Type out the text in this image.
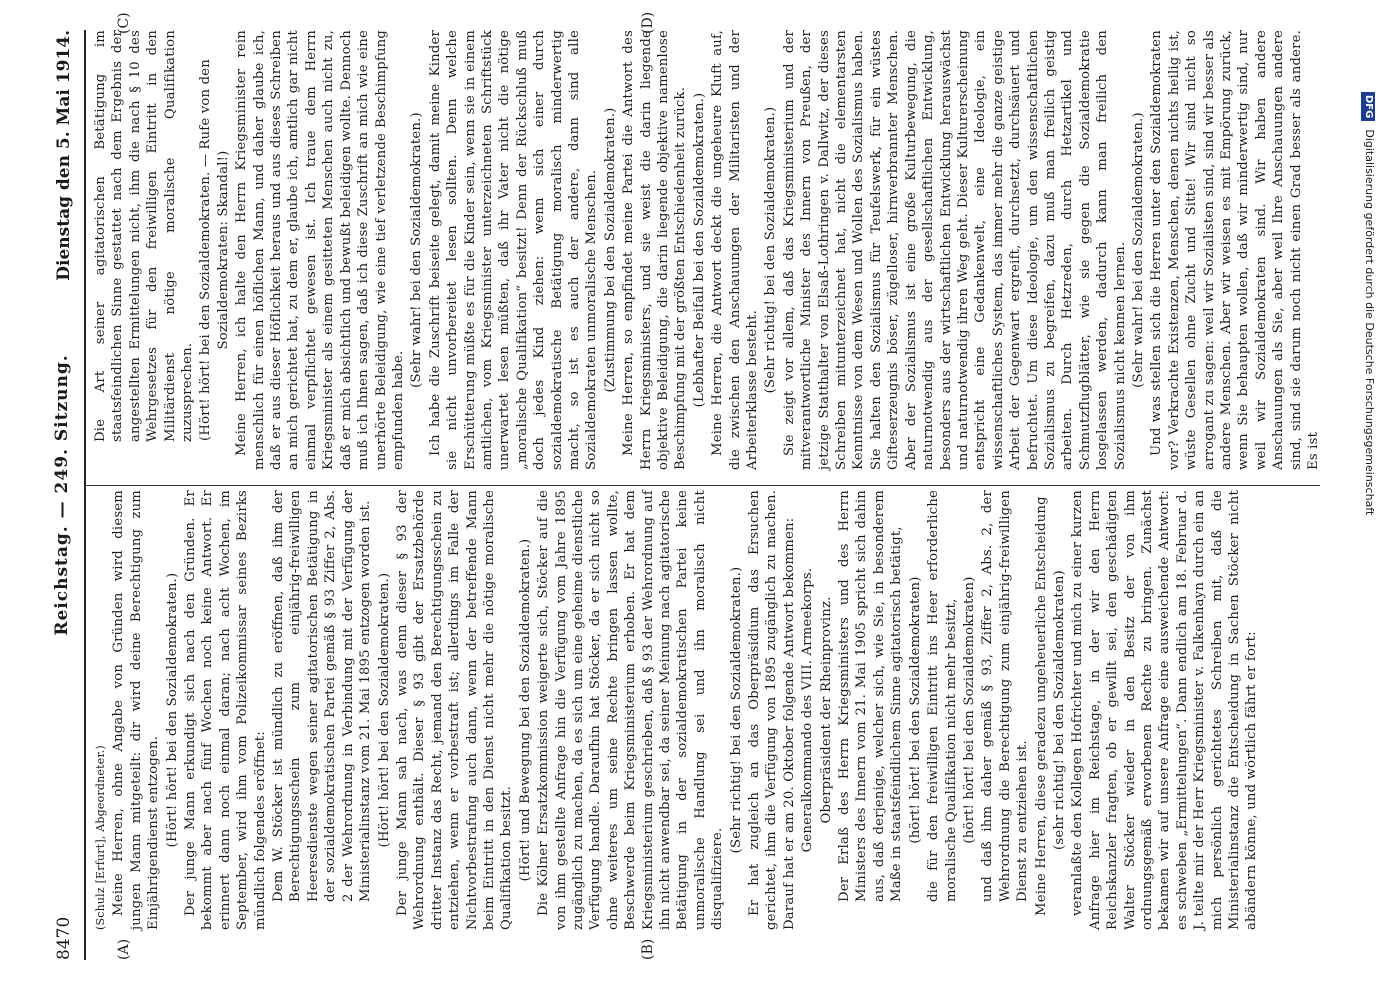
8470
Reichstag. — 249. Sitzung.
Dienstag den 5. Mai 1914.
(A)	(B)
(C)	(D)

(Schulz [Erfurt], Abgeordneter.) Meine Herren, ohne Angabe von Gründen wird diesem jungen Mann mitgeteilt: dir wird deine Berechtigung zum Einjährigendienst entzogen. (Hört! hört! bei den Sozialdemokraten.) Der junge Mann erkundigt sich nach den Gründen. Er bekommt aber nach fünf Wochen noch keine Antwort. Er erinnert dann noch einmal daran; nach acht Wochen, im September, wird ihm vom Polizeikommissar seines Bezirks mündlich folgendes eröffnet: Dem W. Stöcker ist mündlich zu eröffnen, daß ihm der Berechtigungsschein zum einjährig-freiwilligen Heeresdienste wegen seiner agitatorischen Betätigung in der sozialdemokratischen Partei gemäß § 93 Ziffer 2, Abs. 2 der Wehrordnung in Verbindung mit der Verfügung der Ministerialinstanz vom 21. Mai 1895 entzogen worden ist. (Hört! hört! bei den Sozialdemokraten.) Der junge Mann sah nach, was denn dieser § 93 der Wehrordnung enthält. Dieser § 93 gibt der Ersatzbehörde dritter Instanz das Recht, jemand den Berechtigungsschein zu entziehen, wenn er vorbestraft ist; allerdings im Falle der Nichtvorbestrafung auch dann, wenn der betreffende Mann beim Eintritt in den Dienst nicht mehr die nötige moralische Qualifikation besitzt. (Hört! und Bewegung bei den Sozialdemokraten.) Die Kölner Ersatzkommission weigerte sich, Stöcker auf die von ihm gestellte Anfrage hin die Verfügung vom Jahre 1895 zugänglich zu machen, da es sich um eine geheime dienstliche Verfügung handle. Daraufhin hat Stöcker, da er sich nicht so ohne weiteres um seine Rechte bringen lassen wollte, Beschwerde beim Kriegsministerium erhoben. Er hat dem Kriegsministerium geschrieben, daß § 93 der Wehrordnung auf ihn nicht anwendbar sei, da seiner Meinung nach agitatorische Betätigung in der sozialdemokratischen Partei keine unmoralische Handlung sei und ihn moralisch nicht disqualifiziere.

(Sehr richtig! bei den Sozialdemokraten.) Er hat zugleich an das Oberpräsidium das Ersuchen gerichtet, ihm die Verfügung von 1895 zugänglich zu machen. Darauf hat er am 20. Oktober folgende Antwort bekommen: Generalkommando des VIII. Armeekorps. Oberpräsident der Rheinprovinz. Der Erlaß des Herrn Kriegsministers und des Herrn Ministers des Innern vom 21. Mai 1905 spricht sich dahin aus, daß derjenige, welcher sich, wie Sie, in besonderem Maße in staatsfeindlichem Sinne agitatorisch betätigt, (hört! hört! bei den Sozialdemokraten) die für den freiwilligen Eintritt ins Heer erforderliche moralische Qualifikation nicht mehr besitzt, (hört! hört! bei den Sozialdemokraten) und daß ihm daher gemäß § 93, Ziffer 2, Abs. 2, der Wehrordnung die Berechtigung zum einjährig-freiwilligen Dienst zu entziehen ist. Meine Herren, diese geradezu ungeheuerliche Entscheidung (sehr richtig! bei den Sozialdemokraten) veranlaßte den Kollegen Hofrichter und mich zu einer kurzen Anfrage hier im Reichstage, in der wir den Herrn Reichskanzler fragten, ob er gewillt sei, den geschädigten Walter Stöcker wieder in den Besitz der von ihm ordnungsgemäß erworbenen Rechte zu bringen. Zunächst bekamen wir auf unsere Anfrage eine ausweichende Antwort: es schweben „Ermittelungen“. Dann endlich am 18. Februar d. J. teilte mir der Herr Kriegsminister v. Falkenhayn durch ein an mich persönlich gerichtetes Schreiben mit, daß die Ministerialinstanz die Entscheidung in Sachen Stöcker nicht abändern könne, und wörtlich fährt er fort:

Die Art seiner agitatorischen Betätigung im staatsfeindlichen Sinne gestattet nach dem Ergebnis der angestellten Ermittelungen nicht, ihm die nach § 10 des Wehrgesetzes für den freiwilligen Eintritt in den Militärdienst nötige moralische Qualifikation zuzusprechen. (Hört! hört! bei den Sozialdemokraten. — Rufe von den Sozialdemokraten: Skandal!) Meine Herren, ich halte den Herrn Kriegsminister rein menschlich für einen höflichen Mann, und daher glaube ich, daß er aus dieser Höflichkeit heraus und aus dieses Schreiben an mich gerichtet hat, zu dem er, glaube ich, amtlich gar nicht einmal verpflichtet gewesen ist. Ich traue dem Herrn Kriegsminister als einem gesitteten Menschen auch nicht zu, daß er mich absichtlich und bewußt beleidigen wollte. Dennoch muß ich Ihnen sagen, daß ich diese Zuschrift an mich wie eine unerhörte Beleidigung, wie eine tief verletzende Beschimpfung empfunden habe.

(Sehr wahr! bei den Sozialdemokraten.) Ich habe die Zuschrift beiseite gelegt, damit meine Kinder sie nicht unvorbereitet lesen sollten. Denn welche Erschütterung müßte es für die Kinder sein, wenn sie in einem amtlichen, vom Kriegsminister unterzeichneten Schriftstück unerwartet lesen müßten, daß ihr Vater nicht die nötige „moralische Qualifikation“ besitzt! Denn der Rückschluß muß doch jedes Kind ziehen: wenn sich einer durch sozialdemokratische Betätigung moralisch minderwertig macht, so ist es auch der andere, dann sind alle Sozialdemokraten unmoralische Menschen. (Zustimmung bei den Sozialdemokraten.) Meine Herren, so empfindet meine Partei die Antwort des Herrn Kriegsministers, und sie weist die darin liegende objektive Beleidigung, die darin liegende objektive namenlose Beschimpfung mit der größten Entschiedenheit zurück. (Lebhafter Beifall bei den Sozialdemokraten.) Meine Herren, die Antwort deckt die ungeheure Kluft auf, die zwischen den Anschauungen der Militaristen und der Arbeiterklasse besteht. (Sehr richtig! bei den Sozialdemokraten.) Sie zeigt vor allem, daß das Kriegsministerium und der mitverantwortliche Minister des Innern von Preußen, der jetzige Statthalter von Elsaß-Lothringen v. Dallwitz, der dieses Schreiben mitunterzeichnet hat, nicht die elementarsten Kenntnisse von dem Wesen und Wollen des Sozialismus haben. Sie halten den Sozialismus für Teufelswerk, für ein wüstes Gifteserzeugnis böser, zügelloser, hirnverbrannter Menschen. Aber der Sozialismus ist eine große Kulturbewegung, die naturnotwendig aus der gesellschaftlichen Entwicklung, besonders aus der wirtschaftlichen Entwicklung herauswächst und naturnotwendig ihren Weg geht. Dieser Kulturerscheinung entspricht eine Gedankenwelt, eine Ideologie, ein wissenschaftliches System, das immer mehr die ganze geistige Arbeit der Gegenwart ergreift, durchsetzt, durchsäuert und befruchtet. Um diese Ideologie, um den wissenschaftlichen Sozialismus zu begreifen, dazu muß man freilich geistig arbeiten. Durch Hetzreden, durch Hetzartikel und Schmutzflugblätter, wie sie gegen die Sozialdemokratie losgelassen werden, dadurch kann man freilich den Sozialismus nicht kennen lernen. (Sehr wahr! bei den Sozialdemokraten.) Und was stellen sich die Herren unter den Sozialdemokraten vor? Verkrachte Existenzen, Menschen, denen nichts heilig ist, wüste Gesellen ohne Zucht und Sitte! Wir sind nicht so arrogant zu sagen: weil wir Sozialisten sind, sind wir besser als andere Menschen. Aber wir weisen es mit Empörung zurück, wenn Sie behaupten wollen, daß wir minderwertig sind, nur weil wir Sozialdemokraten sind. Wir haben andere Anschauungen als Sie, aber weil Ihre Anschauungen andere sind, sind sie darum noch nicht einen Grad besser als andere. Es ist

DFGDigitalisierung gefördert durch die Deutsche Forschungsgemeinschaft
